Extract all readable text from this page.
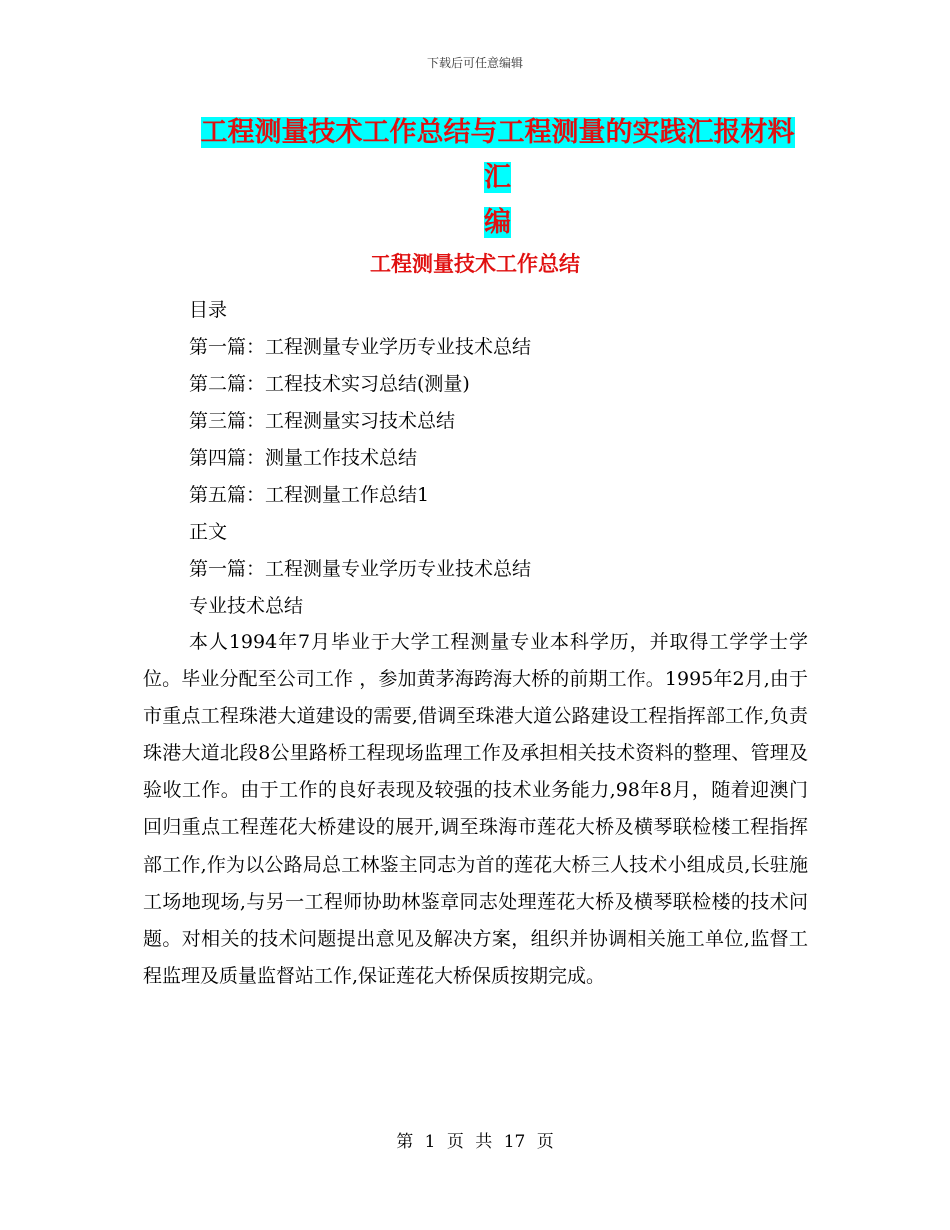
下载后可任意编辑
工程测量技术工作总结与工程测量的实践汇报材料汇
编
工程测量技术工作总结
目录
第一篇：工程测量专业学历专业技术总结
第二篇：工程技术实习总结(测量)
第三篇：工程测量实习技术总结
第四篇：测量工作技术总结
第五篇：工程测量工作总结1
正文
第一篇：工程测量专业学历专业技术总结
专业技术总结
本人1994年7月毕业于大学工程测量专业本科学历，并取得工学学士学位。毕业分配至公司工作 ，参加黄茅海跨海大桥的前期工作。1995年2月,由于市重点工程珠港大道建设的需要,借调至珠港大道公路建设工程指挥部工作,负责珠港大道北段8公里路桥工程现场监理工作及承担相关技术资料的整理、管理及验收工作。由于工作的良好表现及较强的技术业务能力,98年8月，随着迎澳门回归重点工程莲花大桥建设的展开,调至珠海市莲花大桥及横琴联检楼工程指挥部工作,作为以公路局总工林鉴主同志为首的莲花大桥三人技术小组成员,长驻施工场地现场,与另一工程师协助林鉴章同志处理莲花大桥及横琴联检楼的技术问题。对相关的技术问题提出意见及解决方案，组织并协调相关施工单位,监督工程监理及质量监督站工作,保证莲花大桥保质按期完成。
第 1 页 共 17 页
